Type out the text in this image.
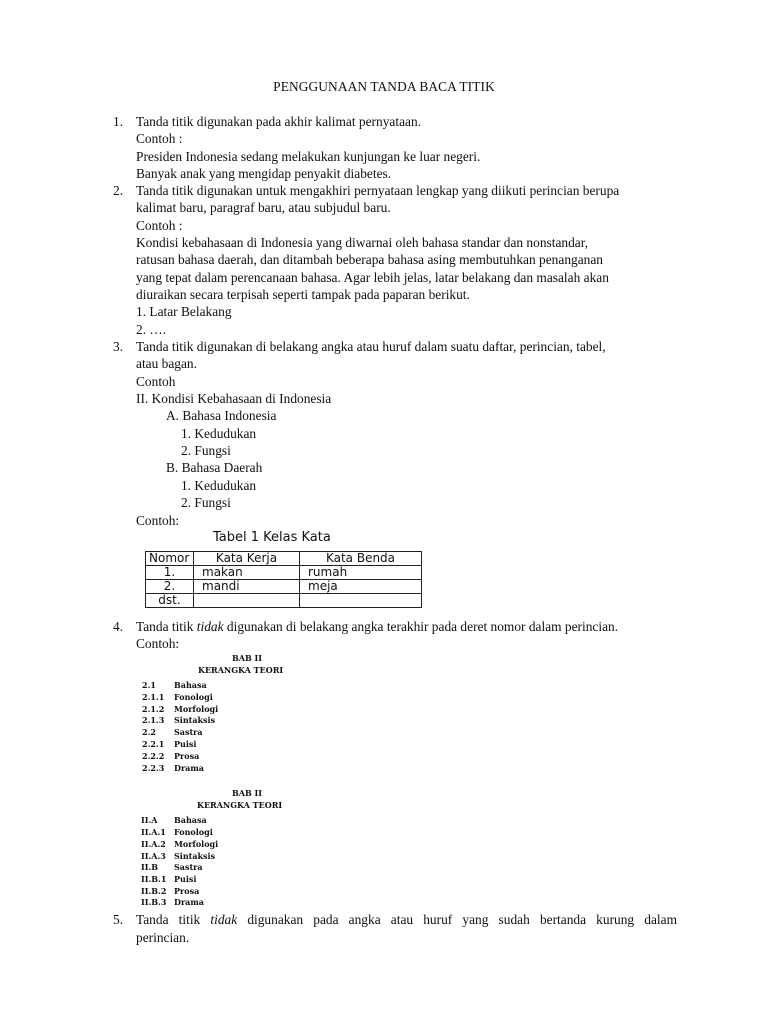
PENGGUNAAN TANDA BACA TITIK
1. Tanda titik digunakan pada akhir kalimat pernyataan.
Contoh :
Presiden Indonesia sedang melakukan kunjungan ke luar negeri.
Banyak anak yang mengidap penyakit diabetes.
2. Tanda titik digunakan untuk mengakhiri pernyataan lengkap yang diikuti perincian berupa
kalimat baru, paragraf baru, atau subjudul baru.
Contoh :
Kondisi kebahasaan di Indonesia yang diwarnai oleh bahasa standar dan nonstandar,
ratusan bahasa daerah, dan ditambah beberapa bahasa asing membutuhkan penanganan
yang tepat dalam perencanaan bahasa. Agar lebih jelas, latar belakang dan masalah akan
diuraikan secara terpisah seperti tampak pada paparan berikut.
1. Latar Belakang
2. ….
3. Tanda titik digunakan di belakang angka atau huruf dalam suatu daftar, perincian, tabel,
atau bagan.
Contoh
II. Kondisi Kebahasaan di Indonesia
A. Bahasa Indonesia
1. Kedudukan
2. Fungsi
B. Bahasa Daerah
1. Kedudukan
2. Fungsi
Contoh:
Tabel 1 Kelas Kata
Nomor	Kata Kerja	Kata Benda
1.	makan	rumah
2.	mandi	meja
dst.		
4. Tanda titik tidak digunakan di belakang angka terakhir pada deret nomor dalam perincian.
Contoh:
BAB II
KERANGKA TEORI
2.1 Bahasa
2.1.1 Fonologi
2.1.2 Morfologi
2.1.3 Sintaksis
2.2 Sastra
2.2.1 Puisi
2.2.2 Prosa
2.2.3 Drama
BAB II
KERANGKA TEORI
II.A Bahasa
II.A.1 Fonologi
II.A.2 Morfologi
II.A.3 Sintaksis
II.B Sastra
II.B.1 Puisi
II.B.2 Prosa
II.B.3 Drama
5. Tanda titik tidak digunakan pada angka atau huruf yang sudah bertanda kurung dalam
perincian.
